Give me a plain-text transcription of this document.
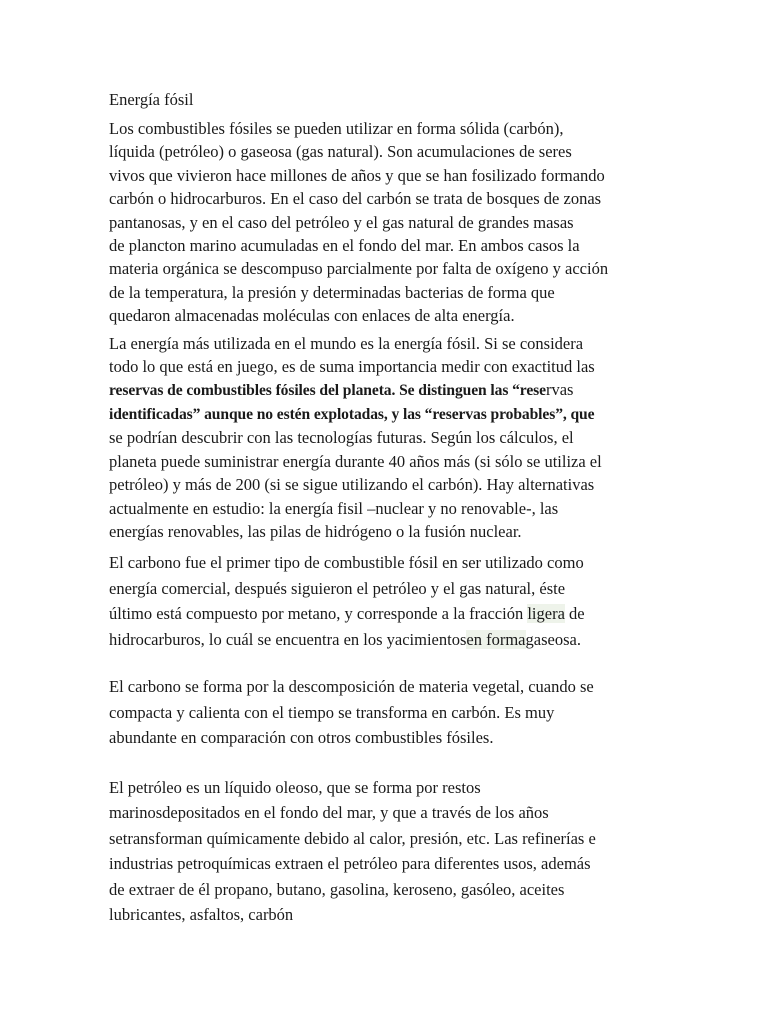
Energía fósil

Los combustibles fósiles se pueden utilizar en forma sólida (carbón),
líquida (petróleo) o gaseosa (gas natural). Son acumulaciones de seres
vivos que vivieron hace millones de años y que se han fosilizado formando
carbón o hidrocarburos. En el caso del carbón se trata de bosques de zonas
pantanosas, y en el caso del petróleo y el gas natural de grandes masas
de plancton marino acumuladas en el fondo del mar. En ambos casos la
materia orgánica se descompuso parcialmente por falta de oxígeno y acción
de la temperatura, la presión y determinadas bacterias de forma que
quedaron almacenadas moléculas con enlaces de alta energía.

La energía más utilizada en el mundo es la energía fósil. Si se considera
todo lo que está en juego, es de suma importancia medir con exactitud las
reservas de combustibles fósiles del planeta. Se distinguen las “reservas
identificadas” aunque no estén explotadas, y las “reservas probables”, que
se podrían descubrir con las tecnologías futuras. Según los cálculos, el
planeta puede suministrar energía durante 40 años más (si sólo se utiliza el
petróleo) y más de 200 (si se sigue utilizando el carbón). Hay alternativas
actualmente en estudio: la energía fisil –nuclear y no renovable-, las
energías renovables, las pilas de hidrógeno o la fusión nuclear.

El carbono fue el primer tipo de combustible fósil en ser utilizado como
energía comercial, después siguieron el petróleo y el gas natural, éste
último está compuesto por metano, y corresponde a la fracción ligera de
hidrocarburos, lo cuál se encuentra en los yacimientosen formagaseosa.

El carbono se forma por la descomposición de materia vegetal, cuando se
compacta y calienta con el tiempo se transforma en carbón. Es muy
abundante en comparación con otros combustibles fósiles.

El petróleo es un líquido oleoso, que se forma por restos
marinosdepositados en el fondo del mar, y que a través de los años
setransforman químicamente debido al calor, presión, etc. Las refinerías e
industrias petroquímicas extraen el petróleo para diferentes usos, además
de extraer de él propano, butano, gasolina, keroseno, gasóleo, aceites
lubricantes, asfaltos, carbón
